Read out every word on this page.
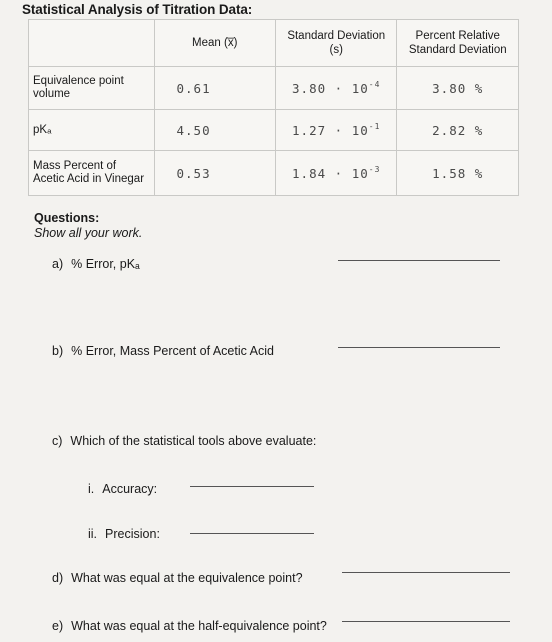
Statistical Analysis of Titration Data:
	Mean (x̅)	Standard Deviation (s)	Percent Relative Standard Deviation
Equivalence point volume	0.61	$3.80 \cdot 10^{-4}$	3.80 %
pKₐ	4.50	$1.27 \cdot 10^{-1}$	2.82 %
Mass Percent of Acetic Acid in Vinegar	0.53	$1.84 \cdot 10^{-3}$	1.58 %
Questions:
Show all your work.
a) % Error, pKₐ
b) % Error, Mass Percent of Acetic Acid
c) Which of the statistical tools above evaluate:
i. Accuracy:
ii. Precision:
d) What was equal at the equivalence point?
e) What was equal at the half-equivalence point?
